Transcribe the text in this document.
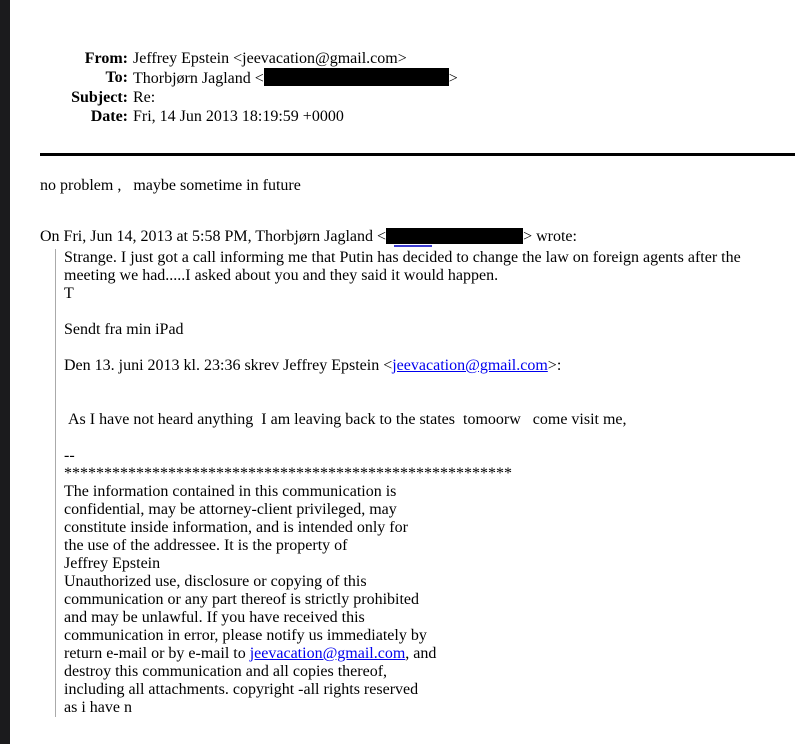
From: Jeffrey Epstein <jeevacation@gmail.com>
To: Thorbjørn Jagland <	>
Subject: Re:
Date: Fri, 14 Jun 2013 18:19:59 +0000
no problem ,   maybe sometime in future
On Fri, Jun 14, 2013 at 5:58 PM, Thorbjørn Jagland <	> wrote:
Strange. I just got a call informing me that Putin has decided to change the law on foreign agents after the meeting we had.....I asked about you and they said it would happen.
T
Sendt fra min iPad
Den 13. juni 2013 kl. 23:36 skrev Jeffrey Epstein <jeevacation@gmail.com>:
As I have not heard anything  I am leaving back to the states  tomoorw   come visit me,
--
********************************************************
The information contained in this communication is
confidential, may be attorney-client privileged, may
constitute inside information, and is intended only for
the use of the addressee. It is the property of
Jeffrey Epstein
Unauthorized use, disclosure or copying of this
communication or any part thereof is strictly prohibited
and may be unlawful. If you have received this
communication in error, please notify us immediately by
return e-mail or by e-mail to jeevacation@gmail.com, and
destroy this communication and all copies thereof,
including all attachments. copyright -all rights reserved
as i have n
